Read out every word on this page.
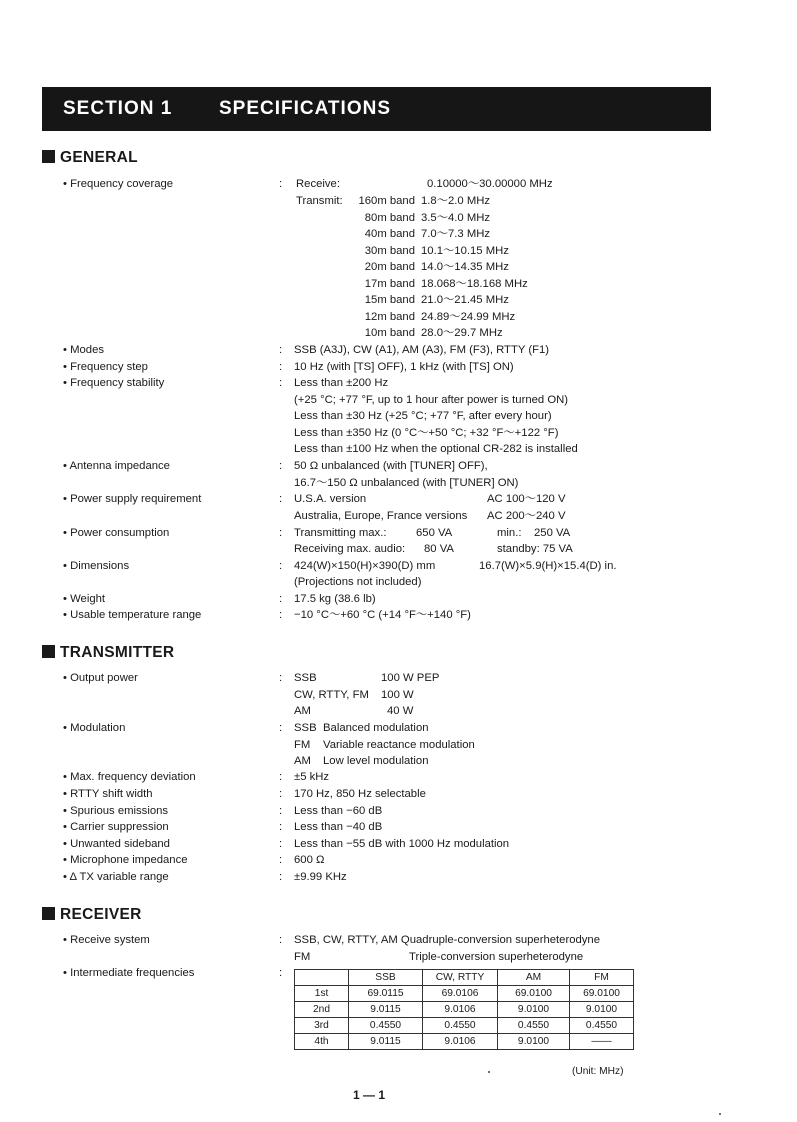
SECTION 1 SPECIFICATIONS
GENERAL
• Frequency coverage	: Receive:	0.10000～30.00000 MHz
Transmit: 160m band 1.8～2.0 MHz
80m band 3.5～4.0 MHz
40m band 7.0～7.3 MHz
30m band 10.1～10.15 MHz
20m band 14.0～14.35 MHz
17m band 18.068～18.168 MHz
15m band 21.0～21.45 MHz
12m band 24.89～24.99 MHz
10m band 28.0～29.7 MHz
• Modes	: SSB (A3J), CW (A1), AM (A3), FM (F3), RTTY (F1)
• Frequency step	: 10 Hz (with [TS] OFF), 1 kHz (with [TS] ON)
• Frequency stability	: Less than ±200 Hz
(+25 °C; +77 °F, up to 1 hour after power is turned ON)
Less than ±30 Hz (+25 °C; +77 °F, after every hour)
Less than ±350 Hz (0 °C～+50 °C; +32 °F～+122 °F)
Less than ±100 Hz when the optional CR-282 is installed
• Antenna impedance	: 50 Ω unbalanced (with [TUNER] OFF),
16.7～150 Ω unbalanced (with [TUNER] ON)
• Power supply requirement	: U.S.A. version	AC 100～120 V
Australia, Europe, France versions AC 200～240 V
• Power consumption	: Transmitting max.:	650 VA	min.: 250 VA
Receiving max. audio: 80 VA	standby: 75 VA
• Dimensions	: 424(W)×150(H)×390(D) mm	16.7(W)×5.9(H)×15.4(D) in.
(Projections not included)
• Weight	: 17.5 kg (38.6 lb)
• Usable temperature range	: −10 °C～+60 °C (+14 °F～+140 °F)
TRANSMITTER
• Output power	: SSB	100 W PEP
CW, RTTY, FM 100 W
AM	40 W
• Modulation	: SSB Balanced modulation
FM Variable reactance modulation
AM Low level modulation
• Max. frequency deviation	: ±5 kHz
• RTTY shift width	: 170 Hz, 850 Hz selectable
• Spurious emissions	: Less than −60 dB
• Carrier suppression	: Less than −40 dB
• Unwanted sideband	: Less than −55 dB with 1000 Hz modulation
• Microphone impedance	: 600 Ω
• Δ TX variable range	: ±9.99 KHz
RECEIVER
• Receive system	: SSB, CW, RTTY, AM Quadruple-conversion superheterodyne
FM	Triple-conversion superheterodyne
• Intermediate frequencies	:
		SSB	CW, RTTY	AM	FM
1st	69.0115	69.0106	69.0100	69.0100
2nd	9.0115	9.0106	9.0100	9.0100
3rd	0.4550	0.4550	0.4550	0.4550
4th	9.0115	9.0106	9.0100	——
(Unit: MHz)
1 — 1
